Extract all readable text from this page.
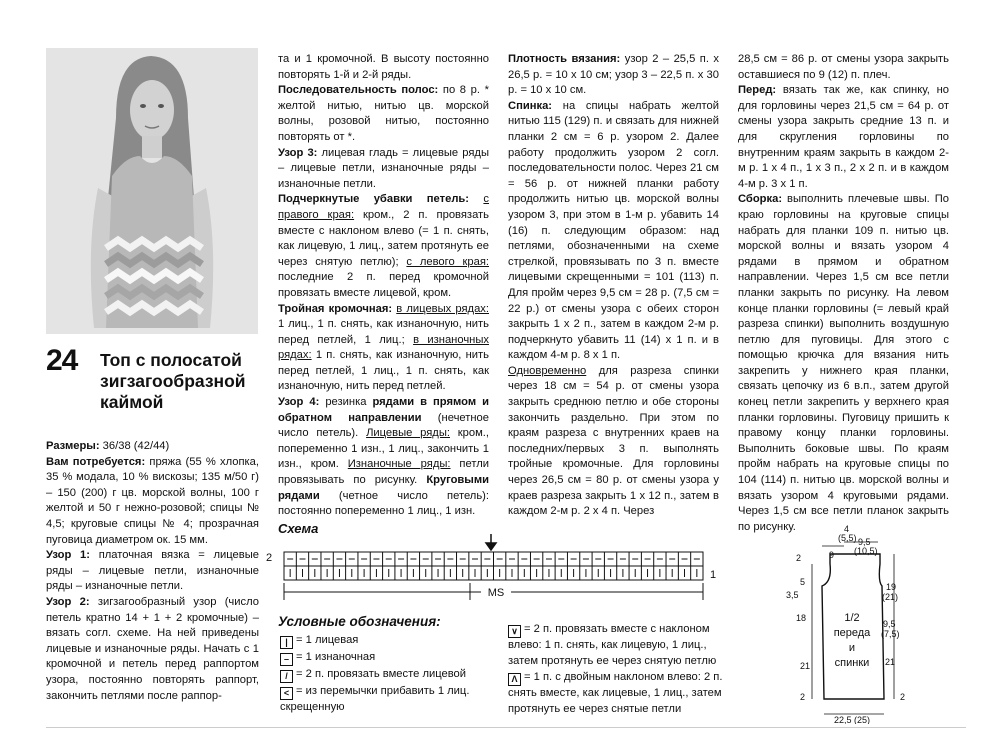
24 Топ с полосатой зигзагообразной каймой

Размеры: 36/38 (42/44)

Вам потребуется: пряжа (55 % хлопка, 35 % модала, 10 % вискозы; 135 м/50 г) – 150 (200) г цв. морской волны, 100 г желтой и 50 г нежно-розовой; спицы № 4,5; круговые спицы № 4; прозрачная пуговица диаметром ок. 15 мм.

Узор 1: платочная вязка = лицевые ряды – лицевые петли, изнаночные ряды – изнаночные петли.

Узор 2: зигзагообразный узор (число петель кратно 14 + 1 + 2 кромочные) – вязать согл. схеме. На ней приведены лицевые и изнаночные ряды. Начать с 1 кромочной и петель перед раппортом узора, постоянно повторять раппорт, закончить петлями после раппор-

та и 1 кромочной. В высоту постоянно повторять 1-й и 2-й ряды.

Последовательность полос: по 8 р. * желтой нитью, нитью цв. морской волны, розовой нитью, постоянно повторять от *.

Узор 3: лицевая гладь = лицевые ряды – лицевые петли, изнаночные ряды – изнаночные петли.

Подчеркнутые убавки петель: с правого края: кром., 2 п. провязать вместе с наклоном влево (= 1 п. снять, как лицевую, 1 лиц., затем протянуть ее через снятую петлю); с левого края: последние 2 п. перед кромочной провязать вместе лицевой, кром.

Тройная кромочная: в лицевых рядах: 1 лиц., 1 п. снять, как изнаночную, нить перед петлей, 1 лиц.; в изнаночных рядах: 1 п. снять, как изнаночную, нить перед петлей, 1 лиц., 1 п. снять, как изнаночную, нить перед петлей.

Узор 4: резинка рядами в прямом и обратном направлении (нечетное число петель). Лицевые ряды: кром., попеременно 1 изн., 1 лиц., закончить 1 изн., кром. Изнаночные ряды: петли провязывать по рисунку. Круговыми рядами (четное число петель): постоянно попеременно 1 лиц., 1 изн.

Плотность вязания: узор 2 – 25,5 п. х 26,5 р. = 10 х 10 см; узор 3 – 22,5 п. х 30 р. = 10 х 10 см.

Спинка: на спицы набрать желтой нитью 115 (129) п. и связать для нижней планки 2 см = 6 р. узором 2. Далее работу продолжить узором 2 согл. последовательности полос. Через 21 см = 56 р. от нижней планки работу продолжить нитью цв. морской волны узором 3, при этом в 1-м р. убавить 14 (16) п. следующим образом: над петлями, обозначенными на схеме стрелкой, провязывать по 3 п. вместе лицевыми скрещенными = 101 (113) п. Для пройм через 9,5 см = 28 р. (7,5 см = 22 р.) от смены узора с обеих сторон закрыть 1 х 2 п., затем в каждом 2-м р. подчеркнуто убавить 11 (14) х 1 п. и в каждом 4-м р. 8 х 1 п.

Одновременно для разреза спинки через 18 см = 54 р. от смены узора закрыть среднюю петлю и обе стороны закончить раздельно. При этом по краям разреза с внутренних краев на последних/первых 3 п. выполнять тройные кромочные. Для горловины через 26,5 см = 80 р. от смены узора у краев разреза закрыть 1 х 12 п., затем в каждом 2-м р. 2 х 4 п. Через

28,5 см = 86 р. от смены узора закрыть оставшиеся по 9 (12) п. плеч.

Перед: вязать так же, как спинку, но для горловины через 21,5 см = 64 р. от смены узора закрыть средние 13 п. и для скругления горловины по внутренним краям закрыть в каждом 2-м р. 1 х 4 п., 1 х 3 п., 2 х 2 п. и в каждом 4-м р. 3 х 1 п.

Сборка: выполнить плечевые швы. По краю горловины на круговые спицы набрать для планки 109 п. нитью цв. морской волны и вязать узором 4 рядами в прямом и обратном направлении. Через 1,5 см все петли планки закрыть по рисунку. На левом конце планки горловины (= левый край разреза спинки) выполнить воздушную петлю для пуговицы. Для этого с помощью крючка для вязания нить закрепить у нижнего края планки, связать цепочку из 6 в.п., затем другой конец петли закрепить у верхнего края планки горловины. Пуговицу пришить к правому концу планки горловины. Выполнить боковые швы. По краям пройм набрать на круговые спицы по 104 (114) п. нитью цв. морской волны и вязать узором 4 круговыми рядами. Через 1,5 см все петли планок закрыть по рисунку.

Схема
2
1
MS
Условные обозначения:
| = 1 лицевая
– = 1 изнаночная
/ = 2 п. провязать вместе лицевой
< = из перемычки прибавить 1 лиц. скрещенную
∨ = 2 п. провязать вместе с наклоном влево: 1 п. снять, как лицевую, 1 лиц., затем протянуть ее через снятую петлю
Λ = 1 п. с двойным наклоном влево: 2 п. снять вместе, как лицевые, 1 лиц., затем протянуть ее через снятые петли
4
(5,5)
9
9,5
(10,5)
2
5
3,5
18
21
2
19
(21)
9,5
(7,5)
21
2
22,5 (25)
1/2
переда
и
спинки
